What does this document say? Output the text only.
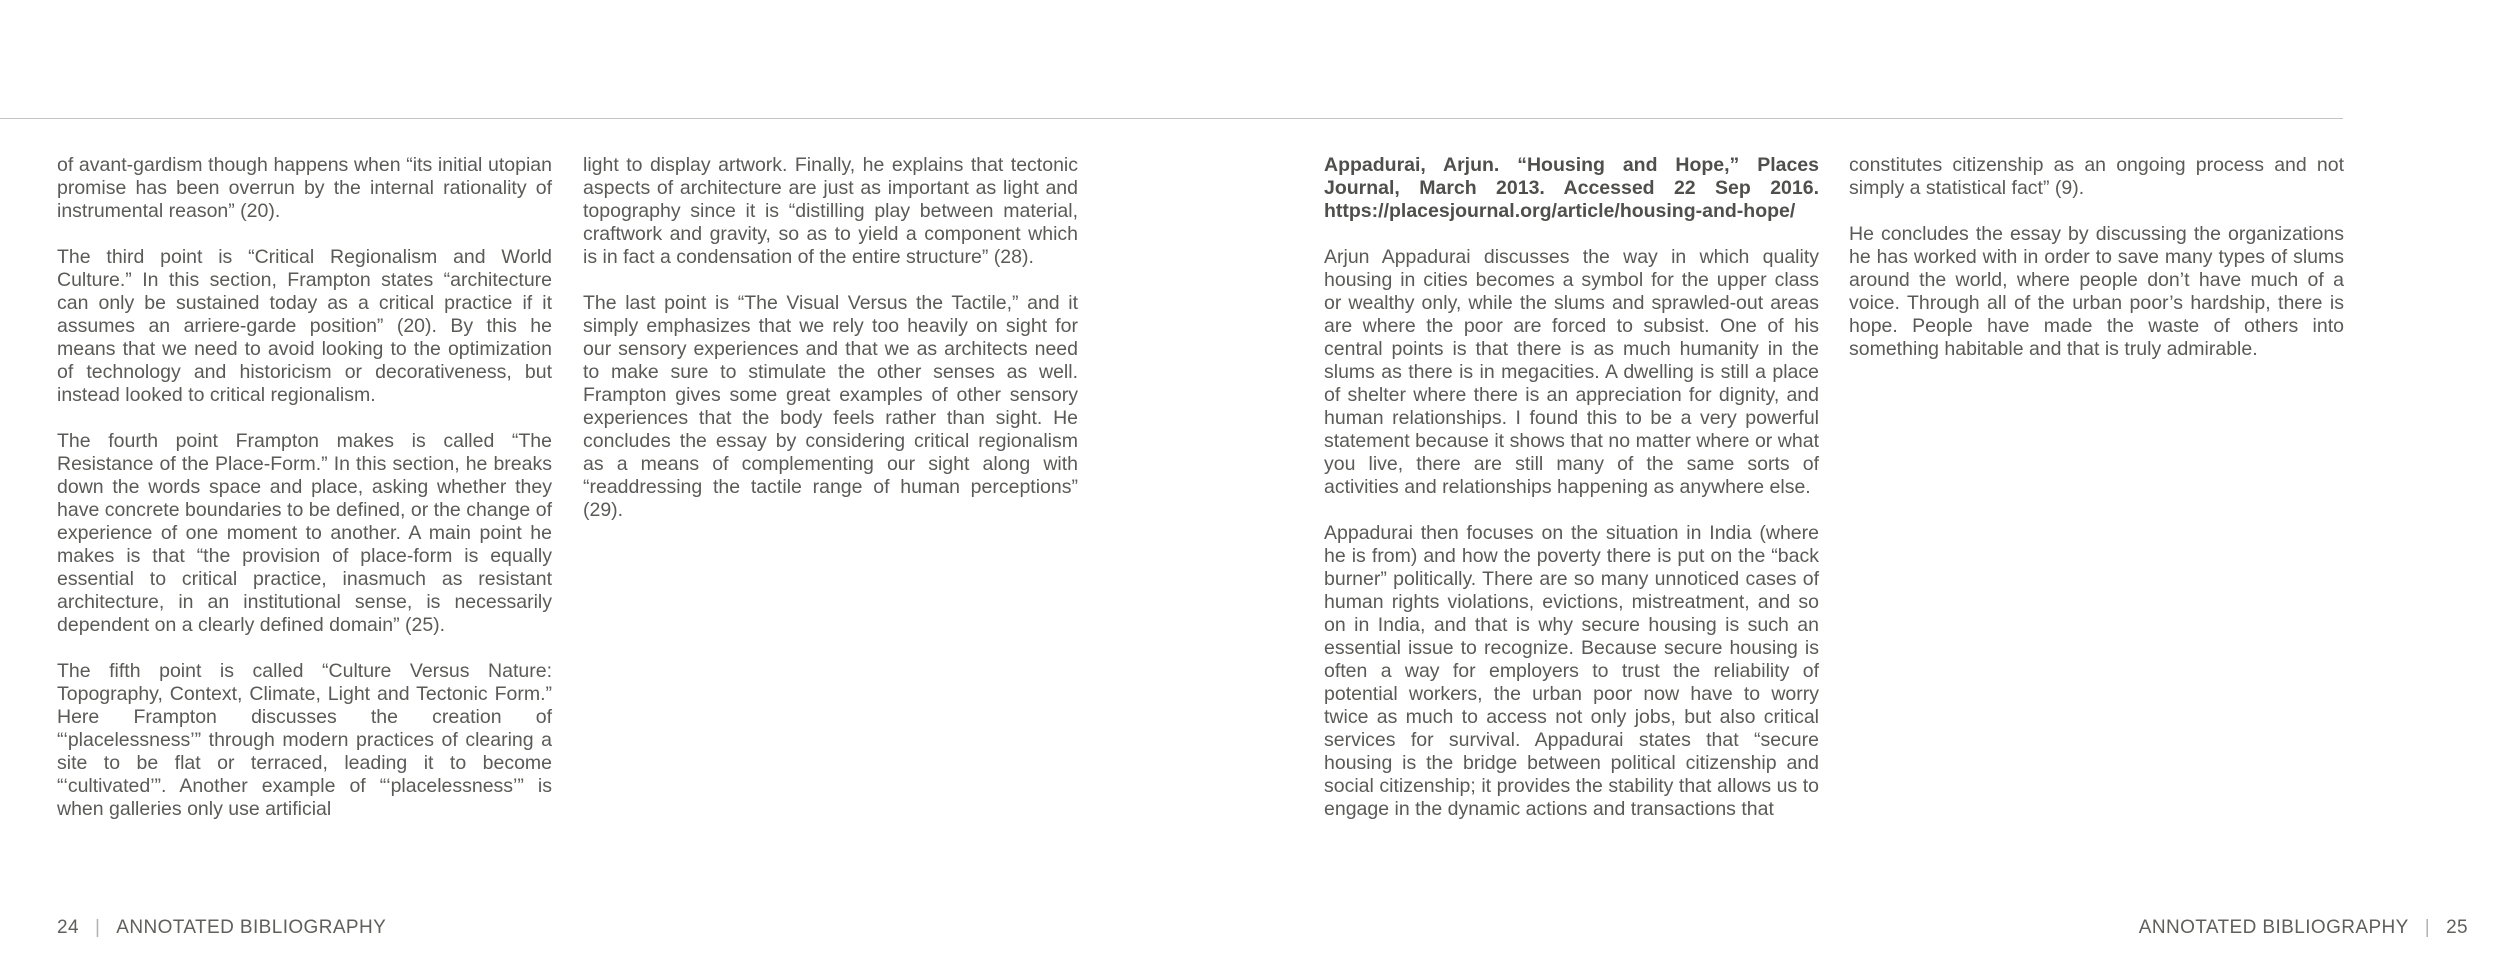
of avant-gardism though happens when “its initial utopian promise has been overrun by the internal rationality of instrumental reason” (20).

The third point is “Critical Regionalism and World Culture.” In this section, Frampton states “architecture can only be sustained today as a critical practice if it assumes an arriere-garde position” (20). By this he means that we need to avoid looking to the optimization of technology and historicism or decorativeness, but instead looked to critical regionalism.

The fourth point Frampton makes is called “The Resistance of the Place-Form.” In this section, he breaks down the words space and place, asking whether they have concrete boundaries to be defined, or the change of experience of one moment to another. A main point he makes is that “the provision of place-form is equally essential to critical practice, inasmuch as resistant architecture, in an institutional sense, is necessarily dependent on a clearly defined domain” (25).

The fifth point is called “Culture Versus Nature: Topography, Context, Climate, Light and Tectonic Form.” Here Frampton discusses the creation of “‘placelessness’” through modern practices of clearing a site to be flat or terraced, leading it to become “‘cultivated’”. Another example of “‘placelessness’” is when galleries only use artificial

light to display artwork. Finally, he explains that tectonic aspects of architecture are just as important as light and topography since it is “distilling play between material, craftwork and gravity, so as to yield a component which is in fact a condensation of the entire structure” (28).

The last point is “The Visual Versus the Tactile,” and it simply emphasizes that we rely too heavily on sight for our sensory experiences and that we as architects need to make sure to stimulate the other senses as well. Frampton gives some great examples of other sensory experiences that the body feels rather than sight. He concludes the essay by considering critical regionalism as a means of complementing our sight along with “readdressing the tactile range of human perceptions” (29).

Appadurai, Arjun. “Housing and Hope,” Places Journal, March 2013. Accessed 22 Sep 2016. https://placesjournal.org/article/housing-and-hope/

Arjun Appadurai discusses the way in which quality housing in cities becomes a symbol for the upper class or wealthy only, while the slums and sprawled-out areas are where the poor are forced to subsist. One of his central points is that there is as much humanity in the slums as there is in megacities. A dwelling is still a place of shelter where there is an appreciation for dignity, and human relationships. I found this to be a very powerful statement because it shows that no matter where or what you live, there are still many of the same sorts of activities and relationships happening as anywhere else.

Appadurai then focuses on the situation in India (where he is from) and how the poverty there is put on the “back burner” politically. There are so many unnoticed cases of human rights violations, evictions, mistreatment, and so on in India, and that is why secure housing is such an essential issue to recognize. Because secure housing is often a way for employers to trust the reliability of potential workers, the urban poor now have to worry twice as much to access not only jobs, but also critical services for survival. Appadurai states that “secure housing is the bridge between political citizenship and social citizenship; it provides the stability that allows us to engage in the dynamic actions and transactions that

constitutes citizenship as an ongoing process and not simply a statistical fact” (9).

He concludes the essay by discussing the organizations he has worked with in order to save many types of slums around the world, where people don’t have much of a voice. Through all of the urban poor’s hardship, there is hope. People have made the waste of others into something habitable and that is truly admirable.

24 | ANNOTATED BIBLIOGRAPHY	ANNOTATED BIBLIOGRAPHY | 25
